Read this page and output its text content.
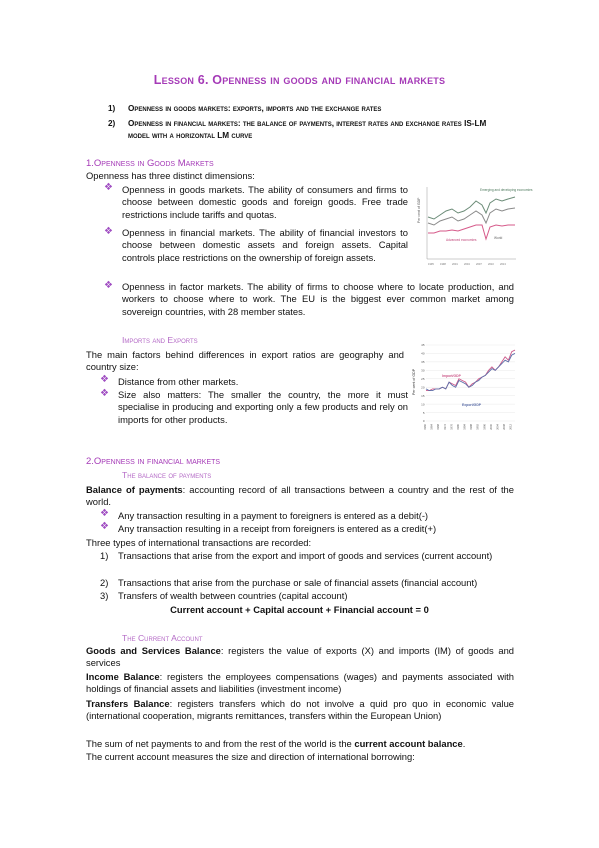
Lesson 6. Openness in goods and financial markets
1) Openness in goods markets: exports, imports and the exchange rates
2) Openness in financial markets: the balance of payments, interest rates and exchange rates IS-LM model with a horizontal LM curve
1.Openness in Goods Markets
Openness has three distinct dimensions:
❖ Openness in goods markets. The ability of consumers and firms to choose between domestic goods and foreign goods. Free trade restrictions include tariffs and quotas.
❖ Openness in financial markets. The ability of financial investors to choose between domestic assets and foreign assets. Capital controls place restrictions on the ownership of foreign assets.
❖ Openness in factor markets. The ability of firms to choose where to locate production, and workers to choose where to work. The EU is the biggest ever common market among sovereign countries, with 28 member states.
Per cent of GDP
Emerging and developing economies
Advanced economies	World
1995 1998 2001 2004 2007 2010 2013
Imports and Exports
The main factors behind differences in export ratios are geography and country size:
❖ Distance from other markets.
❖ Size also matters: The smaller the country, the more it must specialise in producing and exporting only a few products and rely on imports for other products.
Per cent of GDP
0
5
10
15
20
25
30
35
40
45
Import/GDP
Export/GDP
1960	1964	1968	1972	1976	1980	1984	1988	1992	1996	2000	2004	2008	2012
2.Openness in financial markets
The balance of payments
Balance of payments: accounting record of all transactions between a country and the rest of the world.
❖ Any transaction resulting in a payment to foreigners is entered as a debit(-)
❖ Any transaction resulting in a receipt from foreigners is entered as a credit(+)
Three types of international transactions are recorded:
1) Transactions that arise from the export and import of goods and services (current account)
2) Transactions that arise from the purchase or sale of financial assets (financial account)
3) Transfers of wealth between countries (capital account)
Current account + Capital account + Financial account = 0
The Current Account
Goods and Services Balance: registers the value of exports (X) and imports (IM) of goods and services
Income Balance: registers the employees compensations (wages) and payments associated with holdings of financial assets and liabilities (investment income)
Transfers Balance: registers transfers which do not involve a quid pro quo in economic value (international cooperation, migrants remittances, transfers within the European Union)
The sum of net payments to and from the rest of the world is the current account balance.
The current account measures the size and direction of international borrowing:
